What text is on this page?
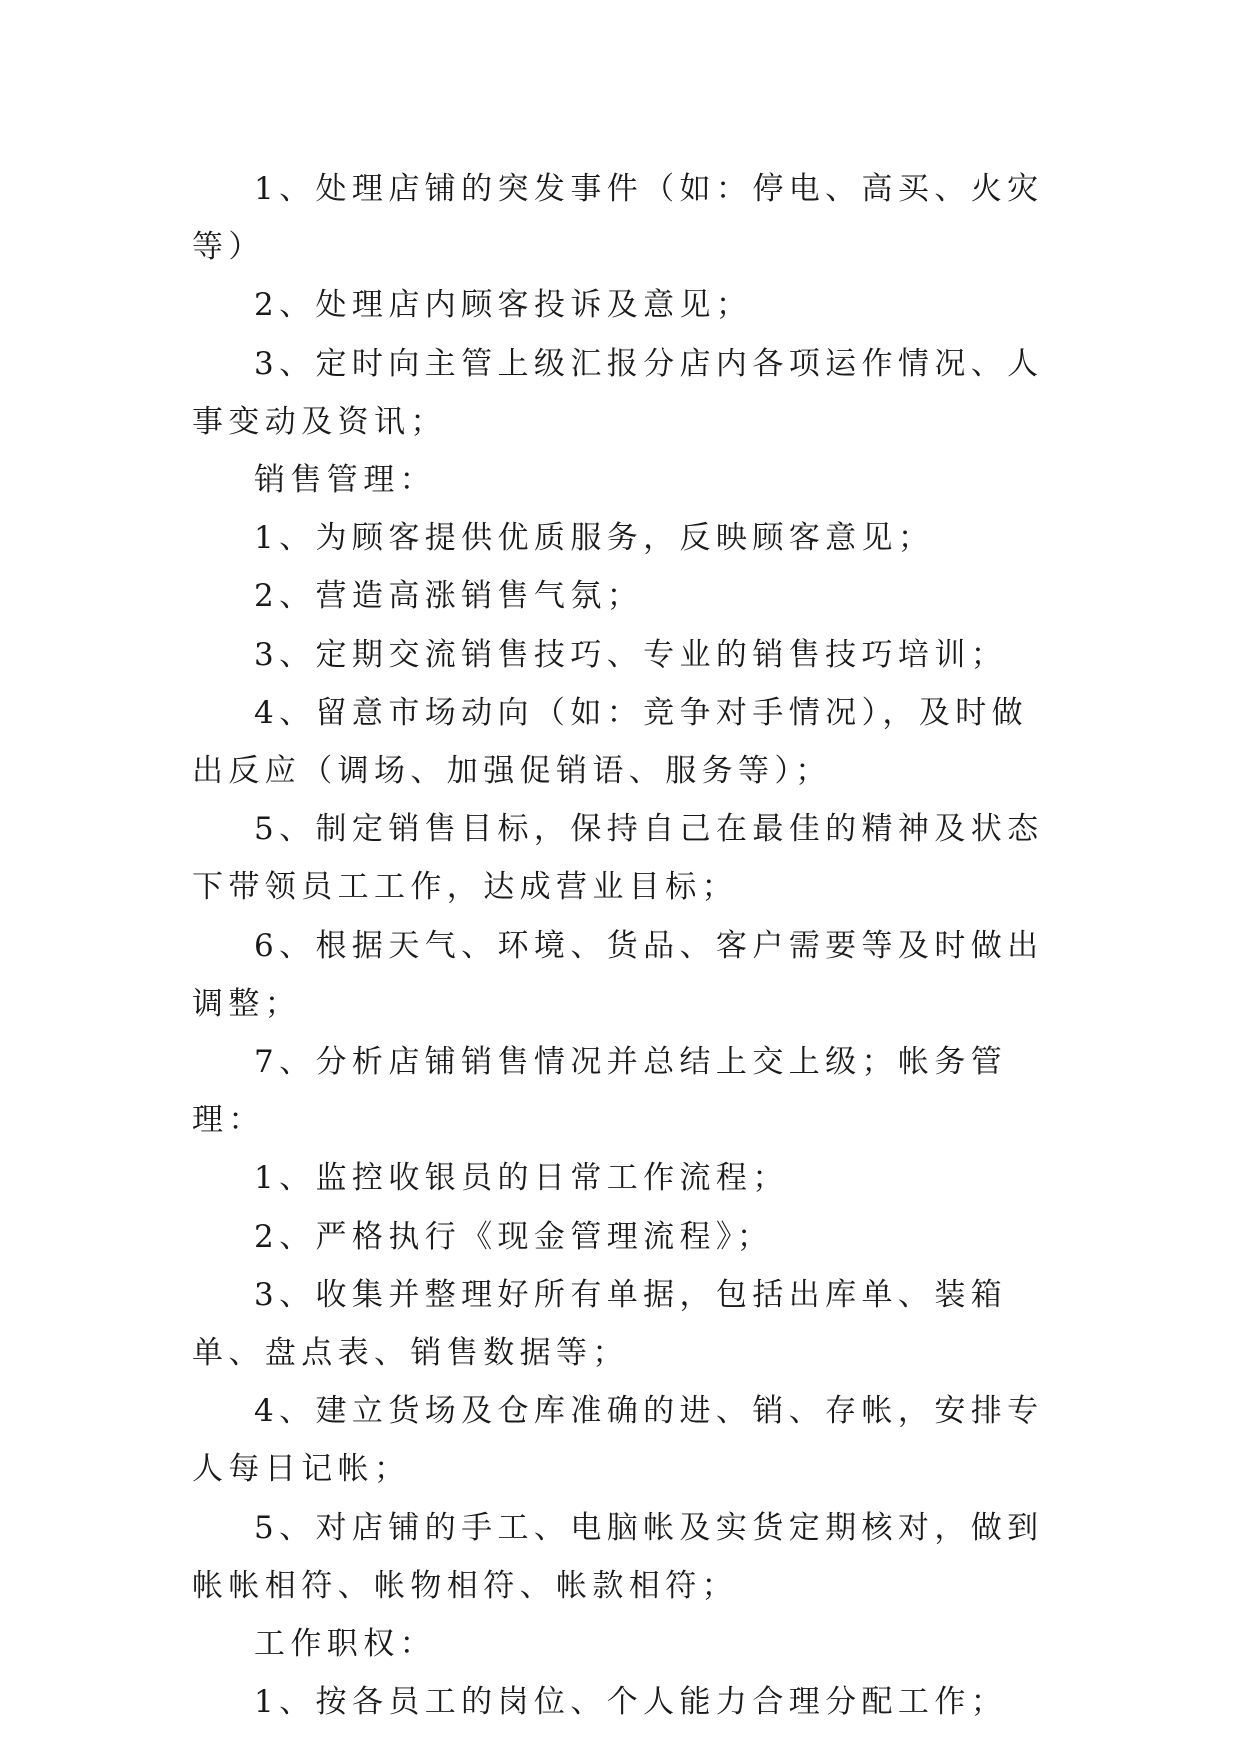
1、处理店铺的突发事件（如：停电、高买、火灾等）

2、处理店内顾客投诉及意见；

3、定时向主管上级汇报分店内各项运作情况、人事变动及资讯；

销售管理：

1、为顾客提供优质服务，反映顾客意见；

2、营造高涨销售气氛；

3、定期交流销售技巧、专业的销售技巧培训；

4、留意市场动向（如：竞争对手情况），及时做出反应（调场、加强促销语、服务等）；

5、制定销售目标，保持自己在最佳的精神及状态下带领员工工作，达成营业目标；

6、根据天气、环境、货品、客户需要等及时做出调整；

7、分析店铺销售情况并总结上交上级；帐务管理：

1、监控收银员的日常工作流程；

2、严格执行《现金管理流程》；

3、收集并整理好所有单据，包括出库单、装箱单、盘点表、销售数据等；

4、建立货场及仓库准确的进、销、存帐，安排专人每日记帐；

5、对店铺的手工、电脑帐及实货定期核对，做到帐帐相符、帐物相符、帐款相符；

工作职权：

1、按各员工的岗位、个人能力合理分配工作；
